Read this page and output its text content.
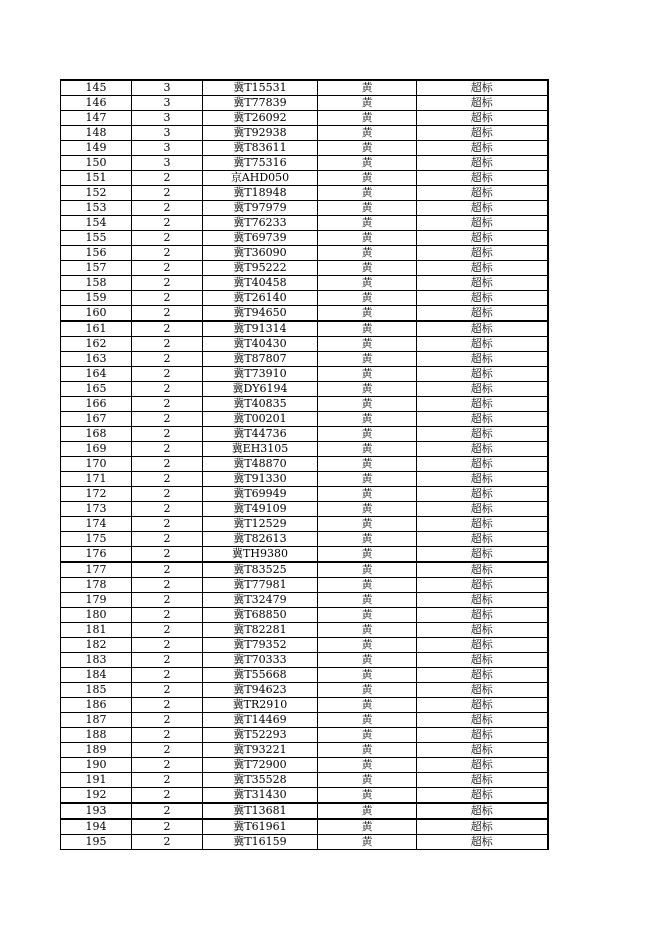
145	3	冀T15531	黄	超标
146	3	冀T77839	黄	超标
147	3	冀T26092	黄	超标
148	3	冀T92938	黄	超标
149	3	冀T83611	黄	超标
150	3	冀T75316	黄	超标
151	2	京AHD050	黄	超标
152	2	冀T18948	黄	超标
153	2	冀T97979	黄	超标
154	2	冀T76233	黄	超标
155	2	冀T69739	黄	超标
156	2	冀T36090	黄	超标
157	2	冀T95222	黄	超标
158	2	冀T40458	黄	超标
159	2	冀T26140	黄	超标
160	2	冀T94650	黄	超标
161	2	冀T91314	黄	超标
162	2	冀T40430	黄	超标
163	2	冀T87807	黄	超标
164	2	冀T73910	黄	超标
165	2	冀DY6194	黄	超标
166	2	冀T40835	黄	超标
167	2	冀T00201	黄	超标
168	2	冀T44736	黄	超标
169	2	冀EH3105	黄	超标
170	2	冀T48870	黄	超标
171	2	冀T91330	黄	超标
172	2	冀T69949	黄	超标
173	2	冀T49109	黄	超标
174	2	冀T12529	黄	超标
175	2	冀T82613	黄	超标
176	2	冀TH9380	黄	超标
177	2	冀T83525	黄	超标
178	2	冀T77981	黄	超标
179	2	冀T32479	黄	超标
180	2	冀T68850	黄	超标
181	2	冀T82281	黄	超标
182	2	冀T79352	黄	超标
183	2	冀T70333	黄	超标
184	2	冀T55668	黄	超标
185	2	冀T94623	黄	超标
186	2	冀TR2910	黄	超标
187	2	冀T14469	黄	超标
188	2	冀T52293	黄	超标
189	2	冀T93221	黄	超标
190	2	冀T72900	黄	超标
191	2	冀T35528	黄	超标
192	2	冀T31430	黄	超标
193	2	冀T13681	黄	超标
194	2	冀T61961	黄	超标
195	2	冀T16159	黄	超标
